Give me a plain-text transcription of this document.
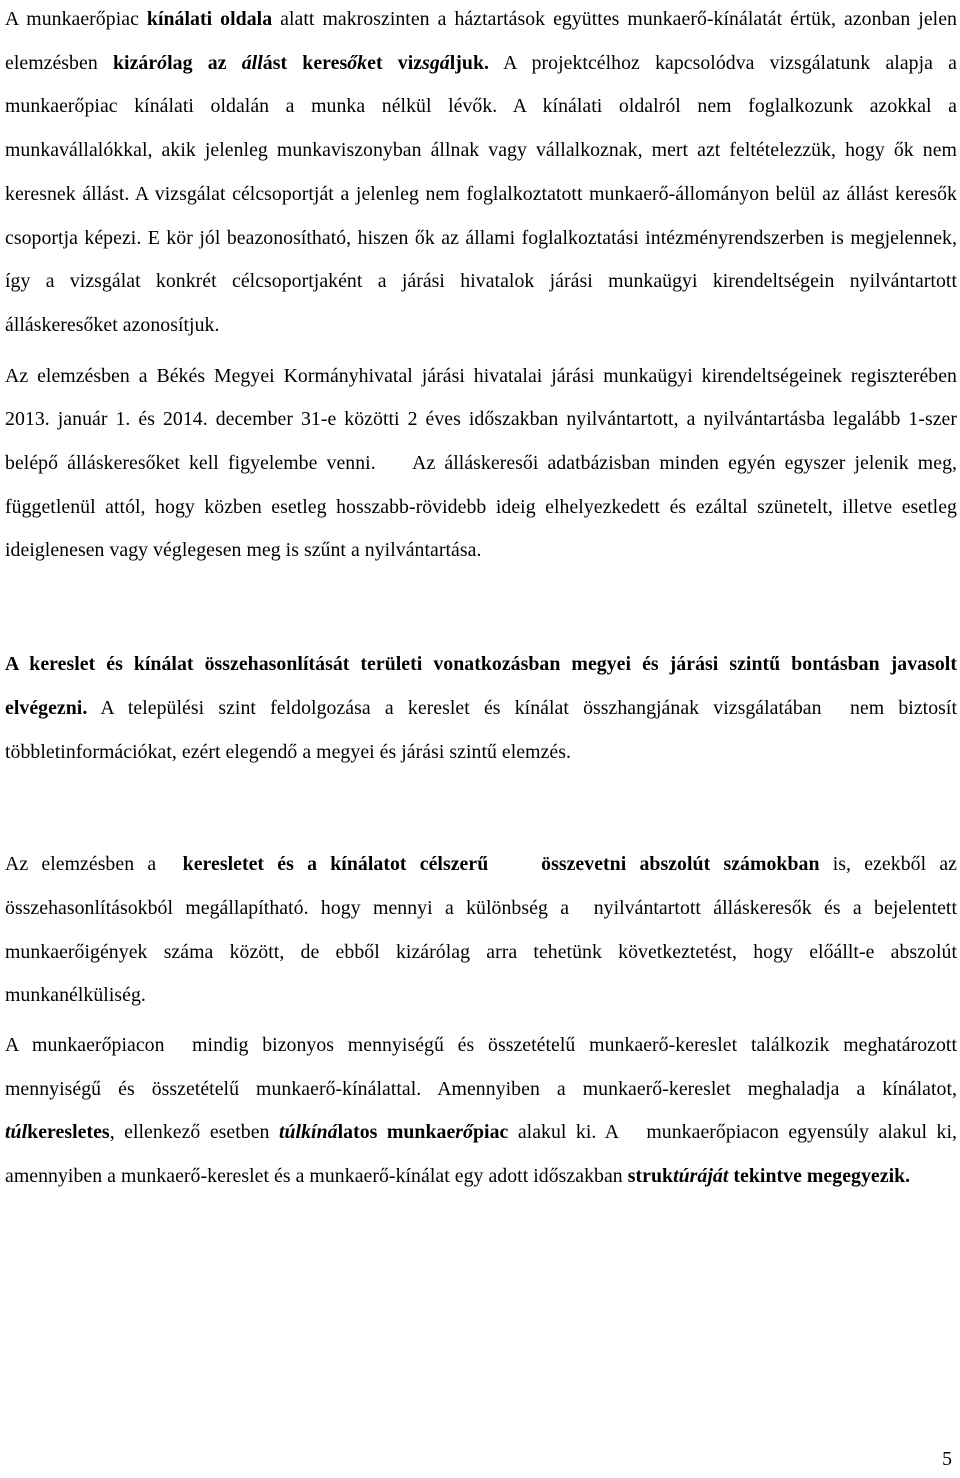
A munkaerőpiac kínálati oldala alatt makroszinten a háztartások együttes munkaerő-kínálatát értük, azonban jelen elemzésben kizárólag az állást keresőket vizsgáljuk. A projektcélhoz kapcsolódva vizsgálatunk alapja a munkaerőpiac kínálati oldalán a munka nélkül lévők. A kínálati oldalról nem foglalkozunk azokkal a munkavállalókkal, akik jelenleg munkaviszonyban állnak vagy vállalkoznak, mert azt feltételezzük, hogy ők nem keresnek állást. A vizsgálat célcsoportját a jelenleg nem foglalkoztatott munkaerő-állományon belül az állást keresők csoportja képezi. E kör jól beazonosítható, hiszen ők az állami foglalkoztatási intézményrendszerben is megjelennek, így a vizsgálat konkrét célcsoportjaként a járási hivatalok járási munkaügyi kirendeltségein nyilvántartott álláskeresőket azonosítjuk.

Az elemzésben a Békés Megyei Kormányhivatal járási hivatalai járási munkaügyi kirendeltségeinek regiszterében 2013. január 1. és 2014. december 31-e közötti 2 éves időszakban nyilvántartott, a nyilvántartásba legalább 1-szer belépő álláskeresőket kell figyelembe venni. Az álláskeresői adatbázisban minden egyén egyszer jelenik meg, függetlenül attól, hogy közben esetleg hosszabb-rövidebb ideig elhelyezkedett és ezáltal szünetelt, illetve esetleg ideiglenesen vagy véglegesen meg is szűnt a nyilvántartása.

A kereslet és kínálat összehasonlítását területi vonatkozásban megyei és járási szintű bontásban javasolt elvégezni. A települési szint feldolgozása a kereslet és kínálat összhangjának vizsgálatában  nem biztosít többletinformációkat, ezért elegendő a megyei és járási szintű elemzés.

Az elemzésben a  keresletet és a kínálatot célszerű	összevetni abszolút számokban is, ezekből az összehasonlításokból megállapítható. hogy mennyi a különbség a  nyilvántartott álláskeresők és a bejelentett munkaerőigények száma között, de ebből kizárólag arra tehetünk következtetést, hogy előállt-e abszolút munkanélküliség.

A munkaerőpiacon  mindig bizonyos mennyiségű és összetételű munkaerő-kereslet találkozik meghatározott mennyiségű és összetételű munkaerő-kínálattal. Amennyiben a munkaerő-kereslet meghaladja a kínálatot, túlkeresletes, ellenkező esetben túlkínálatos munkaerőpiac alakul ki. A   munkaerőpiacon egyensúly alakul ki, amennyiben a munkaerő-kereslet és a munkaerő-kínálat egy adott időszakban struktúráját tekintve megegyezik.

5
